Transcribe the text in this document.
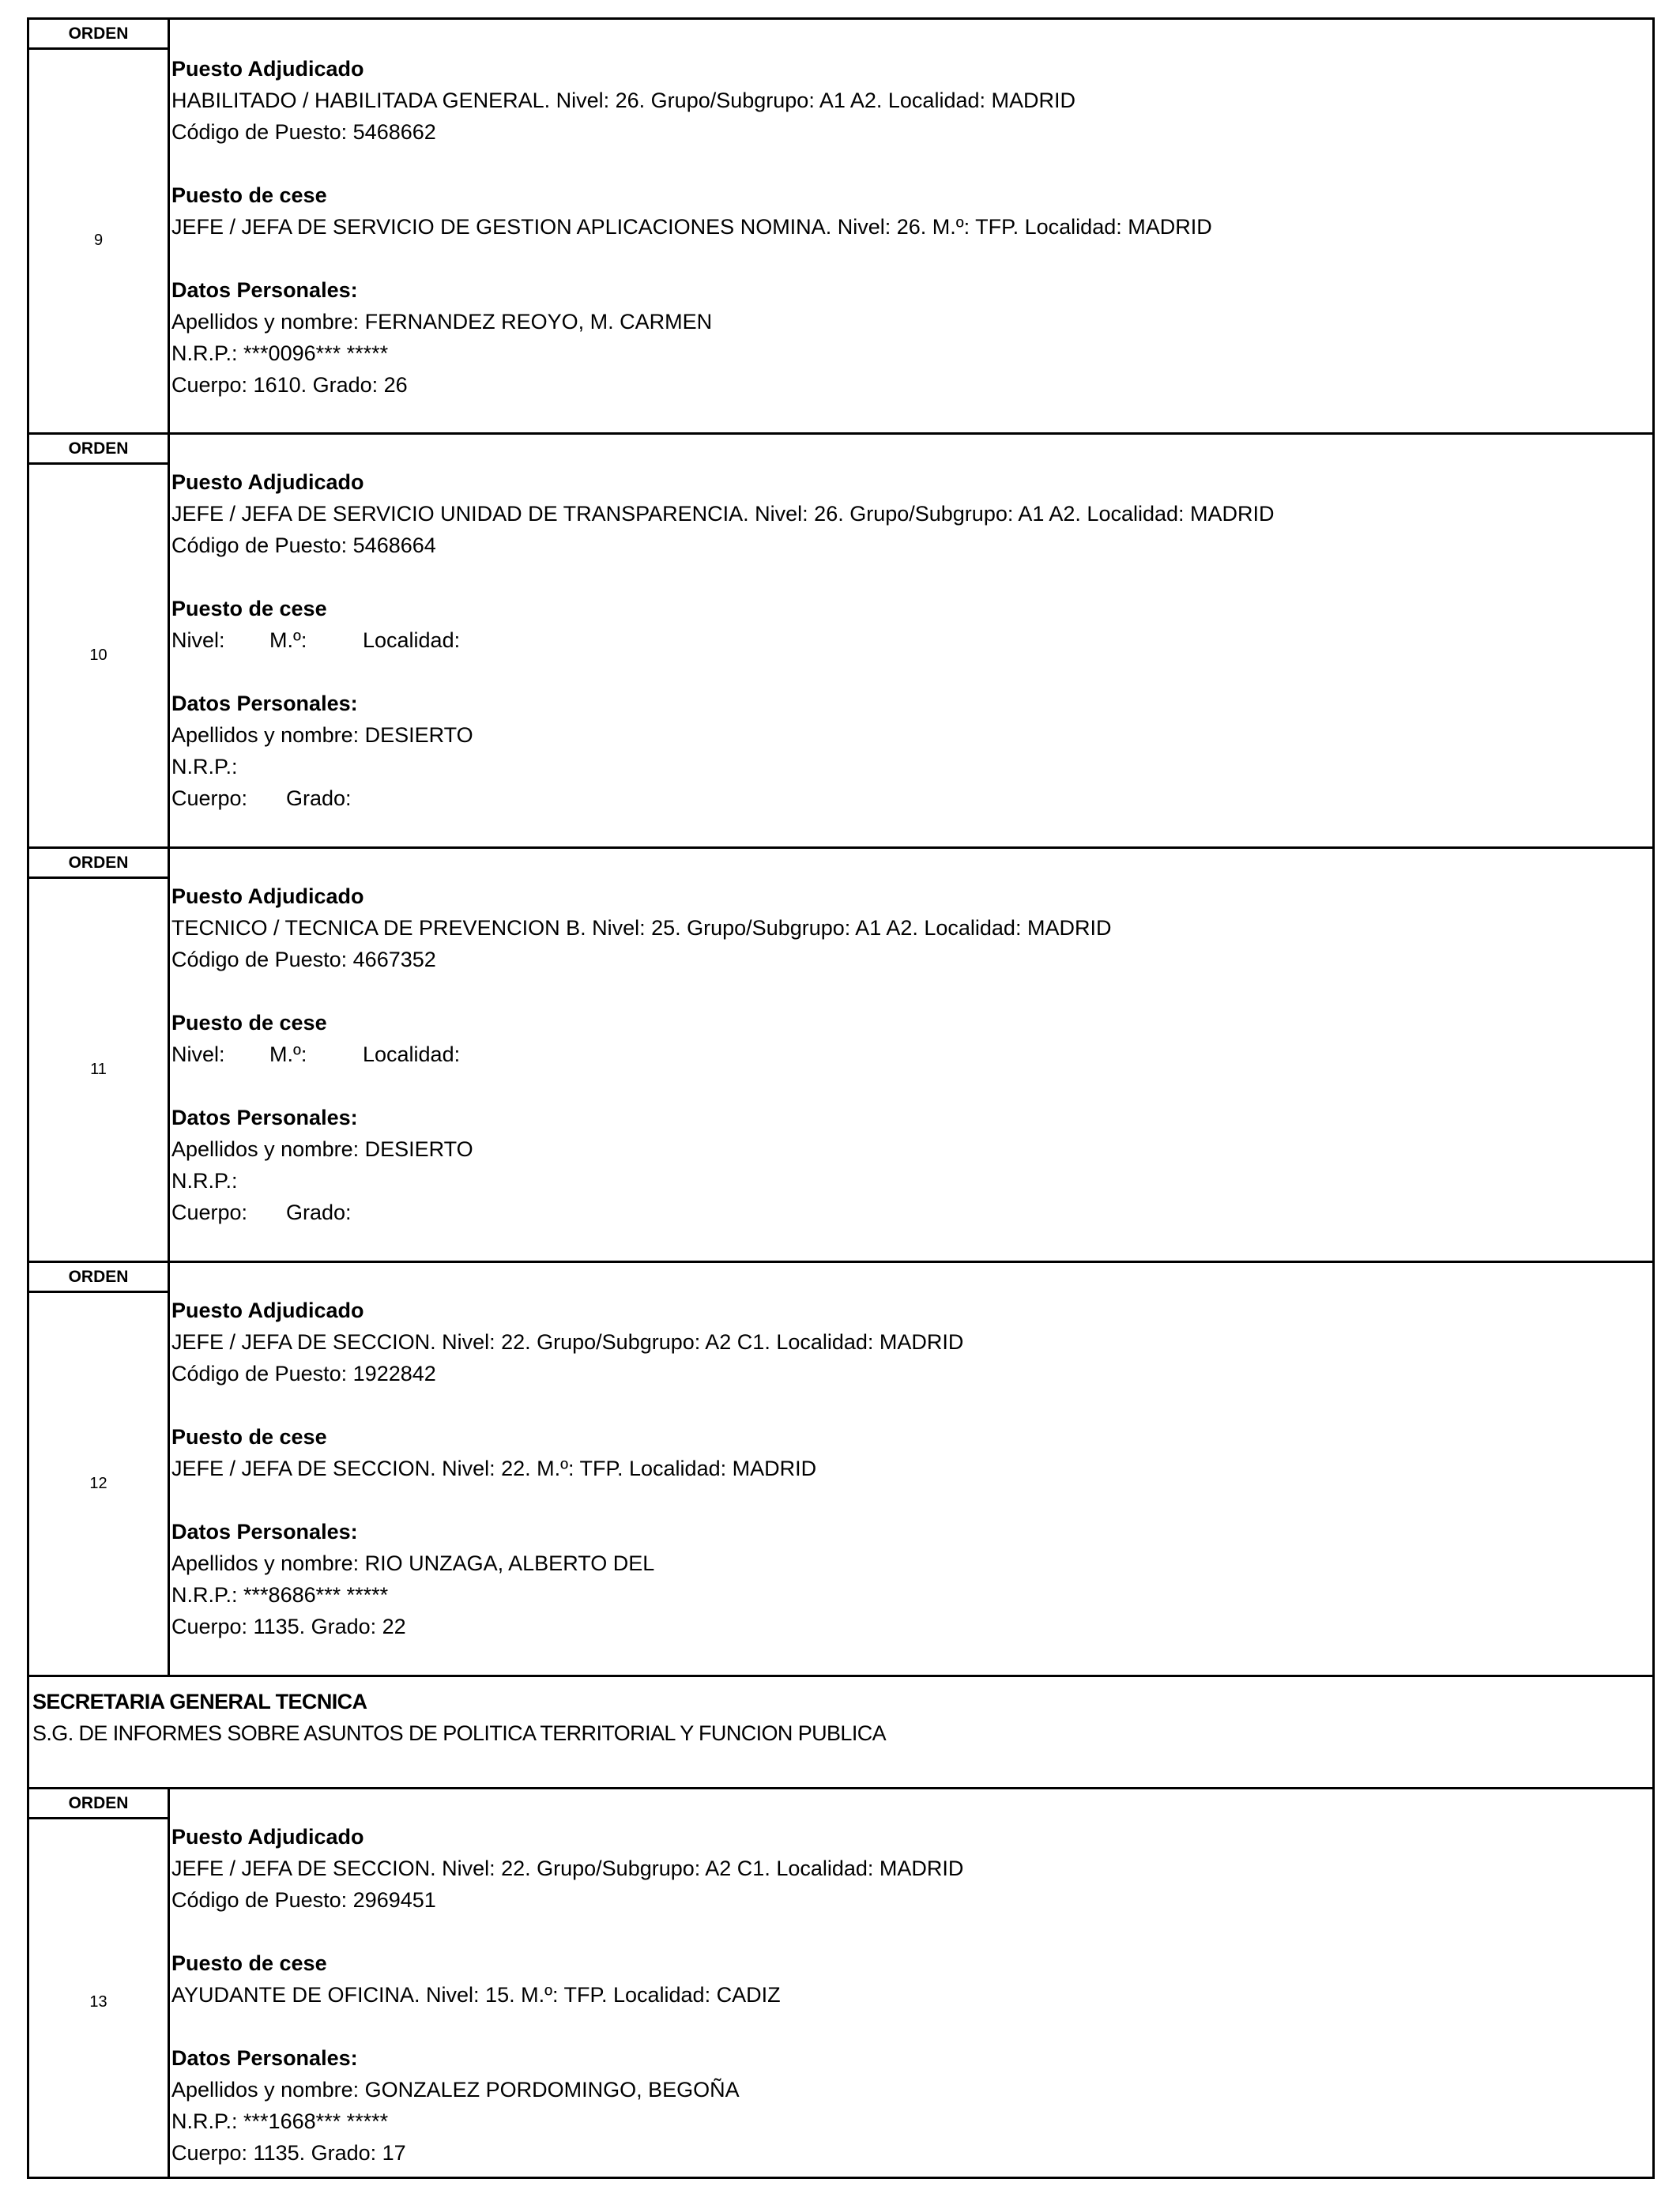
ORDEN
9
Puesto Adjudicado
HABILITADO / HABILITADA GENERAL. Nivel: 26. Grupo/Subgrupo: A1 A2. Localidad: MADRID
Código de Puesto: 5468662
Puesto de cese
JEFE / JEFA DE SERVICIO DE GESTION APLICACIONES NOMINA. Nivel: 26. M.º: TFP. Localidad: MADRID
Datos Personales:
Apellidos y nombre: FERNANDEZ REOYO, M. CARMEN
N.R.P.: ***0096*** *****
Cuerpo: 1610. Grado: 26
ORDEN
10
Puesto Adjudicado
JEFE / JEFA DE SERVICIO UNIDAD DE TRANSPARENCIA. Nivel: 26. Grupo/Subgrupo: A1 A2. Localidad: MADRID
Código de Puesto: 5468664
Puesto de cese
Nivel: M.º:	Localidad:
Datos Personales:
Apellidos y nombre: DESIERTO
N.R.P.:
Cuerpo: Grado:
ORDEN
11
Puesto Adjudicado
TECNICO / TECNICA DE PREVENCION B. Nivel: 25. Grupo/Subgrupo: A1 A2. Localidad: MADRID
Código de Puesto: 4667352
Puesto de cese
Nivel: M.º:	Localidad:
Datos Personales:
Apellidos y nombre: DESIERTO
N.R.P.:
Cuerpo: Grado:
ORDEN
12
Puesto Adjudicado
JEFE / JEFA DE SECCION. Nivel: 22. Grupo/Subgrupo: A2 C1. Localidad: MADRID
Código de Puesto: 1922842
Puesto de cese
JEFE / JEFA DE SECCION. Nivel: 22. M.º: TFP. Localidad: MADRID
Datos Personales:
Apellidos y nombre: RIO UNZAGA, ALBERTO DEL
N.R.P.: ***8686*** *****
Cuerpo: 1135. Grado: 22
SECRETARIA GENERAL TECNICA
S.G. DE INFORMES SOBRE ASUNTOS DE POLITICA TERRITORIAL Y FUNCION PUBLICA
ORDEN
13
Puesto Adjudicado
JEFE / JEFA DE SECCION. Nivel: 22. Grupo/Subgrupo: A2 C1. Localidad: MADRID
Código de Puesto: 2969451
Puesto de cese
AYUDANTE DE OFICINA. Nivel: 15. M.º: TFP. Localidad: CADIZ
Datos Personales:
Apellidos y nombre: GONZALEZ PORDOMINGO, BEGOÑA
N.R.P.: ***1668*** *****
Cuerpo: 1135. Grado: 17
